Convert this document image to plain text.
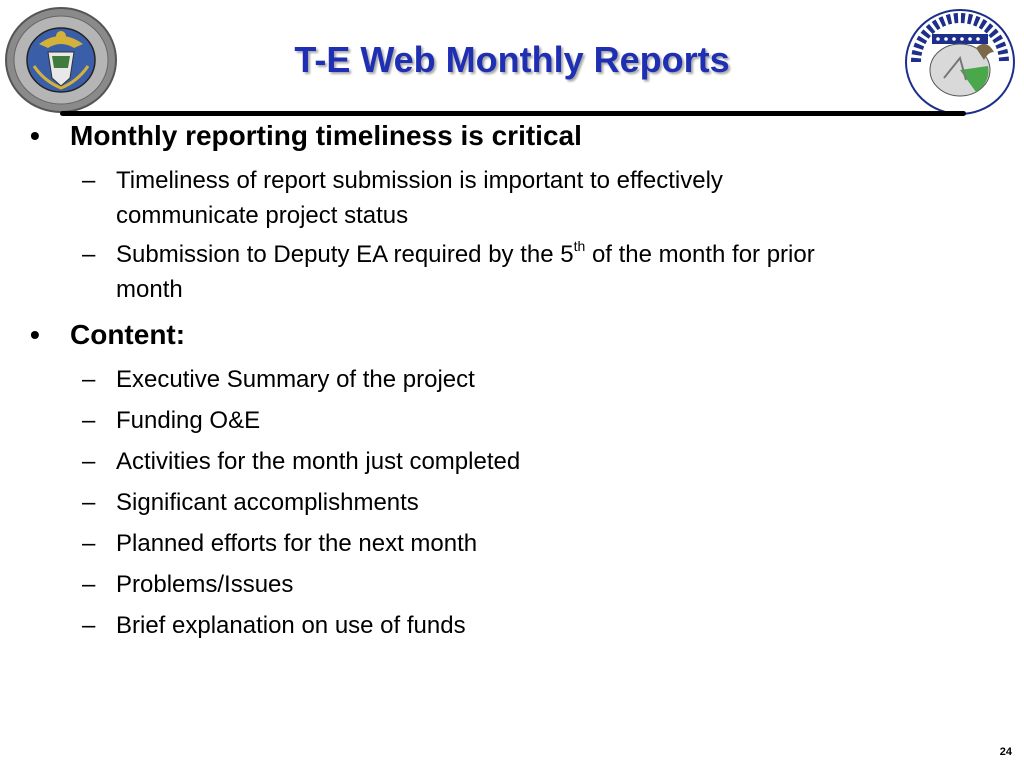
T-E Web Monthly Reports
•	Monthly reporting timeliness is critical
– Timeliness of report submission is important to effectively
communicate project status
– Submission to Deputy EA required by the 5th of the month for prior
month
•	Content:
– Executive Summary of the project
– Funding O&E
– Activities for the month just completed
– Significant accomplishments
– Planned efforts for the next month
– Problems/Issues
– Brief explanation on use of funds
24
